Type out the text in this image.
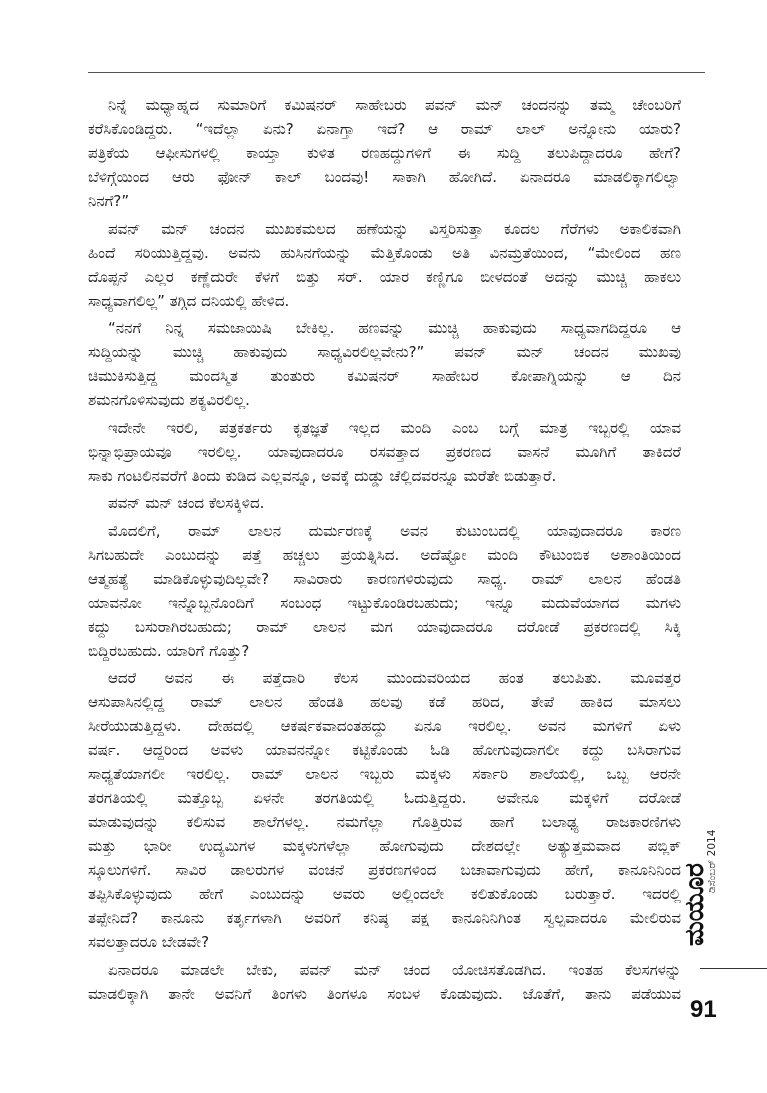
ನಿನ್ನೆ ಮಧ್ಯಾಹ್ನದ ಸುಮಾರಿಗೆ ಕಮಿಷನರ್ ಸಾಹೇಬರು ಪವನ್ ಮನ್ ಚಂದನನ್ನು ತಮ್ಮ ಚೇಂಬರಿಗೆ
ಕರೆಸಿಕೊಂಡಿದ್ದರು. “ಇದೆಲ್ಲಾ ಏನು? ಏನಾಗ್ತಾ ಇದೆ? ಆ ರಾಮ್ ಲಾಲ್ ಅನ್ನೋನು ಯಾರು?
ಪತ್ರಿಕೆಯ ಆಫೀಸುಗಳಲ್ಲಿ ಕಾಯ್ತಾ ಕುಳಿತ ರಣಹದ್ದುಗಳಿಗೆ ಈ ಸುದ್ದಿ ತಲುಪಿದ್ದಾದರೂ ಹೇಗೆ?
ಬೆಳಿಗ್ಗೆಯಿಂದ ಆರು ಫೋನ್ ಕಾಲ್ ಬಂದವು! ಸಾಕಾಗಿ ಹೋಗಿದೆ. ಏನಾದರೂ ಮಾಡಲಿಕ್ಕಾಗಲಿಲ್ವಾ
ನಿನಗೆ?”
ಪವನ್ ಮನ್ ಚಂದನ ಮುಖಕಮಲದ ಹಣೆಯನ್ನು ವಿಸ್ತರಿಸುತ್ತಾ ಕೂದಲ ಗೆರೆಗಳು ಅಕಾಲಿಕವಾಗಿ
ಹಿಂದೆ ಸರಿಯುತ್ತಿದ್ದವು. ಅವನು ಹುಸಿನಗೆಯನ್ನು ಮೆತ್ತಿಕೊಂಡು ಅತಿ ವಿನಮ್ರತೆಯಿಂದ, “ಮೇಲಿಂದ ಹಣ
ದೊಪ್ಪನೆ ಎಲ್ಲರ ಕಣ್ಣೆದುರೇ ಕೆಳಗೆ ಬಿತ್ತು ಸರ್. ಯಾರ ಕಣ್ಣಿಗೂ ಬೀಳದಂತೆ ಅದನ್ನು ಮುಚ್ಚಿ ಹಾಕಲು
ಸಾಧ್ಯವಾಗಲಿಲ್ಲ” ತಗ್ಗಿದ ದನಿಯಲ್ಲಿ ಹೇಳಿದ.
“ನನಗೆ ನಿನ್ನ ಸಮಜಾಯಿಷಿ ಬೇಕಿಲ್ಲ. ಹಣವನ್ನು ಮುಚ್ಚಿ ಹಾಕುವುದು ಸಾಧ್ಯವಾಗದಿದ್ದರೂ ಆ
ಸುದ್ದಿಯನ್ನು ಮುಚ್ಚಿ ಹಾಕುವುದು ಸಾಧ್ಯವಿರಲಿಲ್ಲವೇನು?” ಪವನ್ ಮನ್ ಚಂದನ ಮುಖವು
ಚಿಮುಕಿಸುತ್ತಿದ್ದ ಮಂದಸ್ಮಿತ ತುಂತುರು ಕಮಿಷನರ್ ಸಾಹೇಬರ ಕೋಪಾಗ್ನಿಯನ್ನು ಆ ದಿನ
ಶಮನಗೊಳಿಸುವುದು ಶಕ್ಯವಿರಲಿಲ್ಲ.
ಇದೇನೇ ಇರಲಿ, ಪತ್ರಕರ್ತರು ಕೃತಜ್ಞತೆ ಇಲ್ಲದ ಮಂದಿ ಎಂಬ ಬಗ್ಗೆ ಮಾತ್ರ ಇಬ್ಬರಲ್ಲಿ ಯಾವ
ಭಿನ್ನಾಭಿಪ್ರಾಯವೂ ಇರಲಿಲ್ಲ. ಯಾವುದಾದರೂ ರಸವತ್ತಾದ ಪ್ರಕರಣದ ವಾಸನೆ ಮೂಗಿಗೆ ತಾಕಿದರೆ
ಸಾಕು ಗಂಟಲಿನವರೆಗೆ ತಿಂದು ಕುಡಿದ ಎಲ್ಲವನ್ನೂ, ಅವಕ್ಕೆ ದುಡ್ಡು ಚೆಲ್ಲಿದವರನ್ನೂ ಮರೆತೇ ಬಿಡುತ್ತಾರೆ.
ಪವನ್ ಮನ್ ಚಂದ ಕೆಲಸಕ್ಕಿಳಿದ.
ಮೊದಲಿಗೆ, ರಾಮ್ ಲಾಲನ ದುರ್ಮರಣಕ್ಕೆ ಅವನ ಕುಟುಂಬದಲ್ಲಿ ಯಾವುದಾದರೂ ಕಾರಣ
ಸಿಗಬಹುದೇ ಎಂಬುದನ್ನು ಪತ್ತೆ ಹಚ್ಚಲು ಪ್ರಯತ್ನಿಸಿದ. ಅದೆಷ್ಟೋ ಮಂದಿ ಕೌಟುಂಬಿಕ ಅಶಾಂತಿಯಿಂದ
ಆತ್ಮಹತ್ಯೆ ಮಾಡಿಕೊಳ್ಳುವುದಿಲ್ಲವೇ? ಸಾವಿರಾರು ಕಾರಣಗಳಿರುವುದು ಸಾಧ್ಯ. ರಾಮ್ ಲಾಲನ ಹೆಂಡತಿ
ಯಾವನೋ ಇನ್ನೊಬ್ಬನೊಂದಿಗೆ ಸಂಬಂಧ ಇಟ್ಟುಕೊಂಡಿರಬಹುದು; ಇನ್ನೂ ಮದುವೆಯಾಗದ ಮಗಳು
ಕದ್ದು ಬಸುರಾಗಿರಬಹುದು; ರಾಮ್ ಲಾಲನ ಮಗ ಯಾವುದಾದರೂ ದರೋಡೆ ಪ್ರಕರಣದಲ್ಲಿ ಸಿಕ್ಕಿ
ಬಿದ್ದಿರಬಹುದು. ಯಾರಿಗೆ ಗೊತ್ತು?
ಆದರೆ ಅವನ ಈ ಪತ್ತೆದಾರಿ ಕೆಲಸ ಮುಂದುವರಿಯದ ಹಂತ ತಲುಪಿತು. ಮೂವತ್ತರ
ಆಸುಪಾಸಿನಲ್ಲಿದ್ದ ರಾಮ್ ಲಾಲನ ಹೆಂಡತಿ ಹಲವು ಕಡೆ ಹರಿದ, ತೇಪೆ ಹಾಕಿದ ಮಾಸಲು
ಸೀರೆಯುಡುತ್ತಿದ್ದಳು. ದೇಹದಲ್ಲಿ ಆಕರ್ಷಕವಾದಂತಹದ್ದು ಏನೂ ಇರಲಿಲ್ಲ. ಅವನ ಮಗಳಿಗೆ ಏಳು
ವರ್ಷ. ಆದ್ದರಿಂದ ಅವಳು ಯಾವನನ್ನೋ ಕಟ್ಟಿಕೊಂಡು ಓಡಿ ಹೋಗುವುದಾಗಲೀ ಕದ್ದು ಬಸಿರಾಗುವ
ಸಾಧ್ಯತೆಯಾಗಲೀ ಇರಲಿಲ್ಲ. ರಾಮ್ ಲಾಲನ ಇಬ್ಬರು ಮಕ್ಕಳು ಸರ್ಕಾರಿ ಶಾಲೆಯಲ್ಲಿ, ಒಬ್ಬ ಆರನೇ
ತರಗತಿಯಲ್ಲಿ ಮತ್ತೊಬ್ಬ ಏಳನೇ ತರಗತಿಯಲ್ಲಿ ಓದುತ್ತಿದ್ದರು. ಅವೇನೂ ಮಕ್ಕಳಿಗೆ ದರೋಡೆ
ಮಾಡುವುದನ್ನು ಕಲಿಸುವ ಶಾಲೆಗಳಲ್ಲ. ನಮಗೆಲ್ಲಾ ಗೊತ್ತಿರುವ ಹಾಗೆ ಬಲಾಢ್ಯ ರಾಜಕಾರಣಿಗಳು
ಮತ್ತು ಭಾರೀ ಉದ್ಯಮಿಗಳ ಮಕ್ಕಳುಗಳೆಲ್ಲಾ ಹೋಗುವುದು ದೇಶದಲ್ಲೇ ಅತ್ಯುತ್ತಮವಾದ ಪಬ್ಲಿಕ್
ಸ್ಕೂಲುಗಳಿಗೆ. ಸಾವಿರ ಡಾಲರುಗಳ ವಂಚನೆ ಪ್ರಕರಣಗಳಿಂದ ಬಚಾವಾಗುವುದು ಹೇಗೆ, ಕಾನೂನಿನಿಂದ
ತಪ್ಪಿಸಿಕೊಳ್ಳುವುದು ಹೇಗೆ ಎಂಬುದನ್ನು ಅವರು ಅಲ್ಲಿಂದಲೇ ಕಲಿತುಕೊಂಡು ಬರುತ್ತಾರೆ. ಇದರಲ್ಲಿ
ತಪ್ಪೇನಿದೆ? ಕಾನೂನು ಕರ್ತೃಗಳಾಗಿ ಅವರಿಗೆ ಕನಿಷ್ಠ ಪಕ್ಷ ಕಾನೂನಿನಿಗಿಂತ ಸ್ವಲ್ಪವಾದರೂ ಮೇಲಿರುವ
ಸವಲತ್ತಾದರೂ ಬೇಡವೇ?
ಏನಾದರೂ ಮಾಡಲೇ ಬೇಕು, ಪವನ್ ಮನ್ ಚಂದ ಯೋಚಿಸತೊಡಗಿದ. ಇಂತಹ ಕೆಲಸಗಳನ್ನು
ಮಾಡಲಿಕ್ಕಾಗಿ ತಾನೇ ಅವನಿಗೆ ತಿಂಗಳು ತಿಂಗಳೂ ಸಂಬಳ ಕೊಡುವುದು. ಜೊತೆಗೆ, ತಾನು ಪಡೆಯುವ
ಡಿಸೆಂಬರ್ 2014
ಮಯೂರ
91
